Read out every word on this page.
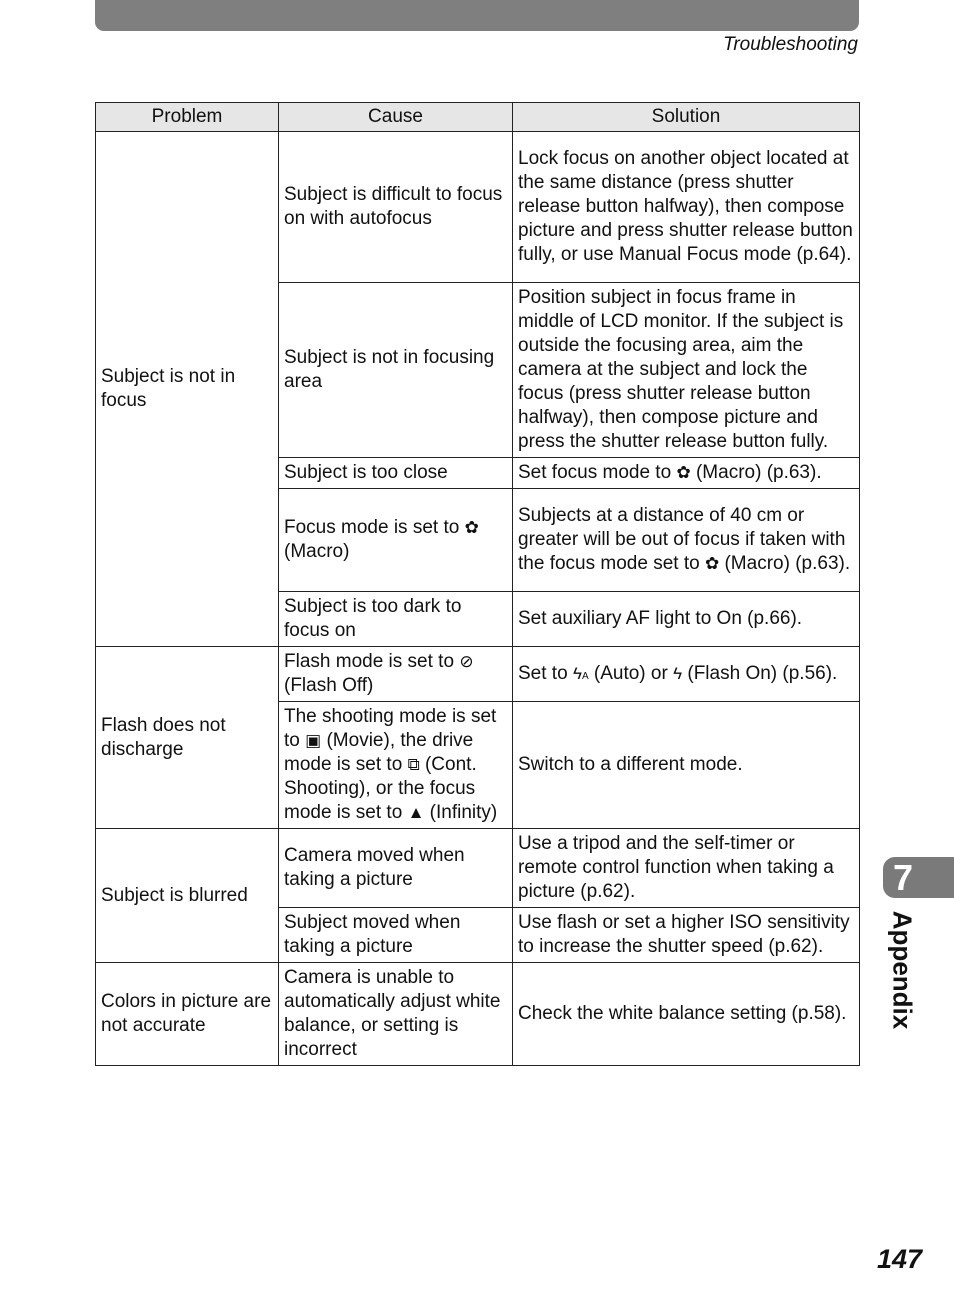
Troubleshooting
Problem	Cause	Solution
Subject is not in focus	Subject is difficult to focus on with autofocus	Lock focus on another object located at the same distance (press shutter release button halfway), then compose picture and press shutter release button fully, or use Manual Focus mode (p.64).
	Subject is not in focusing area	Position subject in focus frame in middle of LCD monitor. If the subject is outside the focusing area, aim the camera at the subject and lock the focus (press shutter release button halfway), then compose picture and press the shutter release button fully.
	Subject is too close	Set focus mode to ✿ (Macro) (p.63).
	Focus mode is set to ✿ (Macro)	Subjects at a distance of 40 cm or greater will be out of focus if taken with the focus mode set to ✿ (Macro) (p.63).
	Subject is too dark to focus on	Set auxiliary AF light to On (p.66).
Flash does not discharge	Flash mode is set to ⊘ (Flash Off)	Set to ϟA (Auto) or ϟ (Flash On) (p.56).
	The shooting mode is set to ▣ (Movie), the drive mode is set to ⧉ (Cont. Shooting), or the focus mode is set to ▲ (Infinity)	Switch to a different mode.
Subject is blurred	Camera moved when taking a picture	Use a tripod and the self-timer or remote control function when taking a picture (p.62).
	Subject moved when taking a picture	Use flash or set a higher ISO sensitivity to increase the shutter speed (p.62).
Colors in picture are not accurate	Camera is unable to automatically adjust white balance, or setting is incorrect	Check the white balance setting (p.58).
7
Appendix
147
